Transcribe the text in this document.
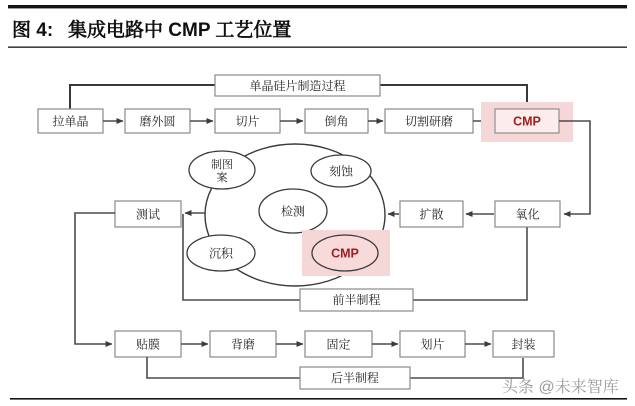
图 4: 集成电路中 CMP 工艺位置
单晶硅片制造过程
拉单晶	磨外圆	切片	倒角	切割研磨	CMP
氧化
扩散
测试
制图
案	刻蚀
检测
沉积	CMP
前半制程
贴膜	背磨	固定	划片	封装
后半制程
头条 @未来智库
